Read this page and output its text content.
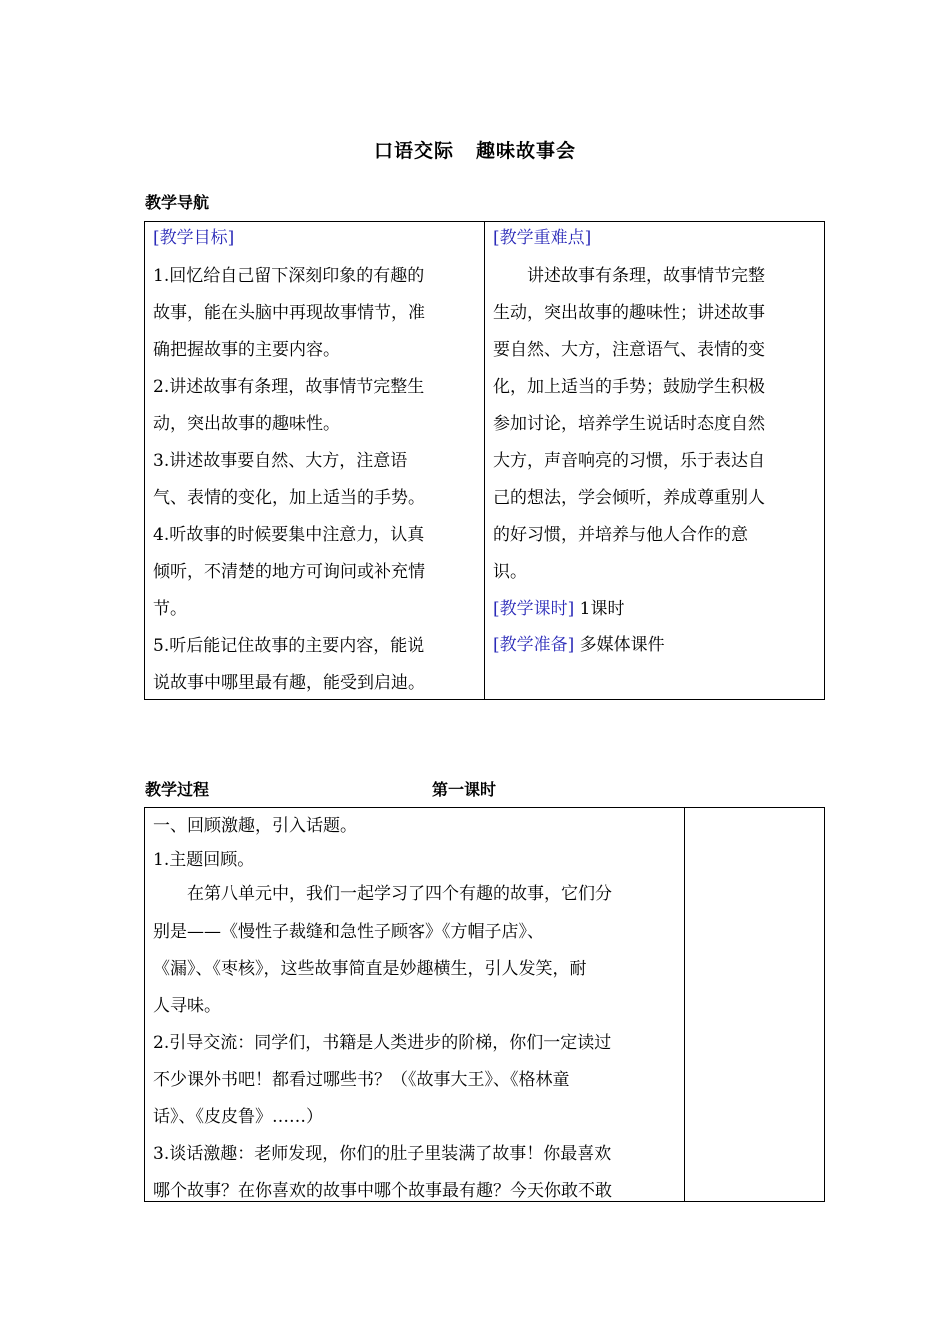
口语交际 趣味故事会
教学导航
[教学目标]
1.回忆给自己留下深刻印象的有趣的
故事，能在头脑中再现故事情节，准
确把握故事的主要内容。
2.讲述故事有条理，故事情节完整生
动，突出故事的趣味性。
3.讲述故事要自然、大方，注意语
气、表情的变化，加上适当的手势。
4.听故事的时候要集中注意力，认真
倾听，不清楚的地方可询问或补充情
节。
5.听后能记住故事的主要内容，能说
说故事中哪里最有趣，能受到启迪。
[教学重难点]
讲述故事有条理，故事情节完整
生动，突出故事的趣味性；讲述故事
要自然、大方，注意语气、表情的变
化，加上适当的手势；鼓励学生积极
参加讨论，培养学生说话时态度自然
大方，声音响亮的习惯，乐于表达自
己的想法，学会倾听，养成尊重别人
的好习惯，并培养与他人合作的意
识。
[教学课时] 1课时
[教学准备] 多媒体课件
教学过程	第一课时
一、回顾激趣，引入话题。
1.主题回顾。
在第八单元中，我们一起学习了四个有趣的故事，它们分
别是——《慢性子裁缝和急性子顾客》《方帽子店》、
《漏》、《枣核》，这些故事简直是妙趣横生，引人发笑，耐
人寻味。
2.引导交流：同学们，书籍是人类进步的阶梯，你们一定读过
不少课外书吧！都看过哪些书？（《故事大王》、《格林童
话》、《皮皮鲁》……）
3.谈话激趣：老师发现，你们的肚子里装满了故事！你最喜欢
哪个故事？在你喜欢的故事中哪个故事最有趣？今天你敢不敢
